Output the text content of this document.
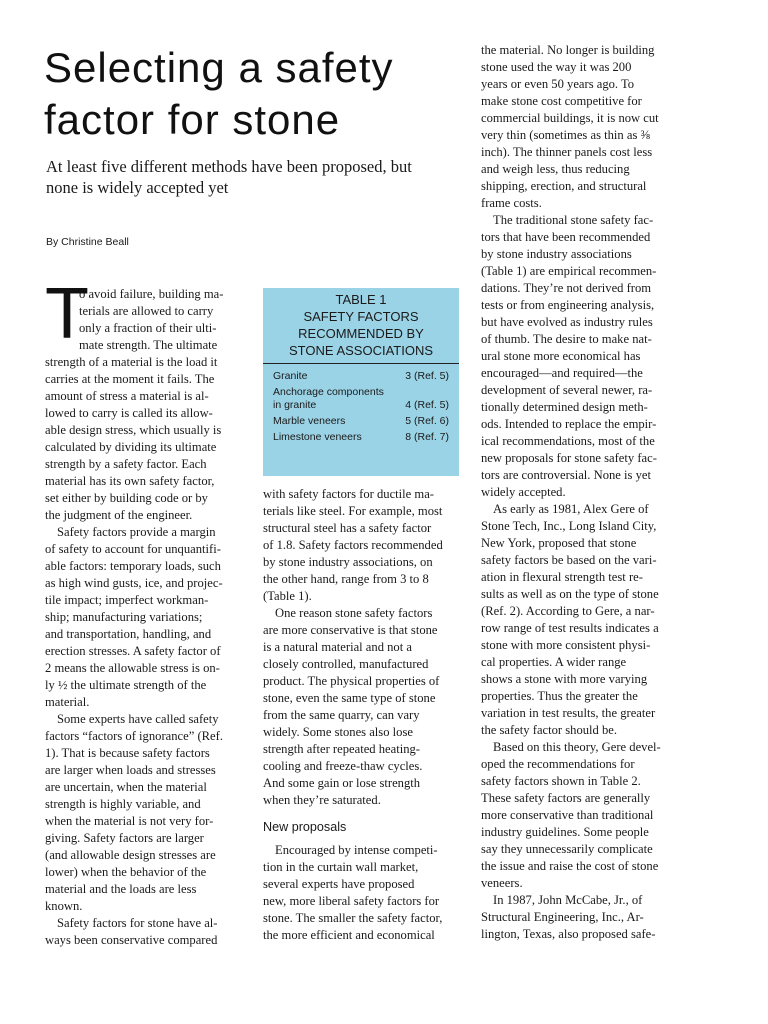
Selecting a safety
factor for stone
At least five different methods have been proposed, but
none is widely accepted yet
By Christine Beall
T
o avoid failure, building ma-
terials are allowed to carry
only a fraction of their ulti-
mate strength. The ultimate
strength of a material is the load it
carries at the moment it fails. The
amount of stress a material is al-
lowed to carry is called its allow-
able design stress, which usually is
calculated by dividing its ultimate
strength by a safety factor. Each
material has its own safety factor,
set either by building code or by
the judgment of the engineer.
Safety factors provide a margin
of safety to account for unquantifi-
able factors: temporary loads, such
as high wind gusts, ice, and projec-
tile impact; imperfect workman-
ship; manufacturing variations;
and transportation, handling, and
erection stresses. A safety factor of
2 means the allowable stress is on-
ly ½ the ultimate strength of the
material.
Some experts have called safety
factors “factors of ignorance” (Ref.
1). That is because safety factors
are larger when loads and stresses
are uncertain, when the material
strength is highly variable, and
when the material is not very for-
giving. Safety factors are larger
(and allowable design stresses are
lower) when the behavior of the
material and the loads are less
known.
Safety factors for stone have al-
ways been conservative compared
TABLE 1
SAFETY FACTORS
RECOMMENDED BY
STONE ASSOCIATIONS
Granite	3 (Ref. 5)
Anchorage components
in granite	4 (Ref. 5)
Marble veneers	5 (Ref. 6)
Limestone veneers	8 (Ref. 7)
with safety factors for ductile ma-
terials like steel. For example, most
structural steel has a safety factor
of 1.8. Safety factors recommended
by stone industry associations, on
the other hand, range from 3 to 8
(Table 1).
One reason stone safety factors
are more conservative is that stone
is a natural material and not a
closely controlled, manufactured
product. The physical properties of
stone, even the same type of stone
from the same quarry, can vary
widely. Some stones also lose
strength after repeated heating-
cooling and freeze-thaw cycles.
And some gain or lose strength
when they’re saturated.
New proposals
Encouraged by intense competi-
tion in the curtain wall market,
several experts have proposed
new, more liberal safety factors for
stone. The smaller the safety factor,
the more efficient and economical
the material. No longer is building
stone used the way it was 200
years or even 50 years ago. To
make stone cost competitive for
commercial buildings, it is now cut
very thin (sometimes as thin as ⅜
inch). The thinner panels cost less
and weigh less, thus reducing
shipping, erection, and structural
frame costs.
The traditional stone safety fac-
tors that have been recommended
by stone industry associations
(Table 1) are empirical recommen-
dations. They’re not derived from
tests or from engineering analysis,
but have evolved as industry rules
of thumb. The desire to make nat-
ural stone more economical has
encouraged—and required—the
development of several newer, ra-
tionally determined design meth-
ods. Intended to replace the empir-
ical recommendations, most of the
new proposals for stone safety fac-
tors are controversial. None is yet
widely accepted.
As early as 1981, Alex Gere of
Stone Tech, Inc., Long Island City,
New York, proposed that stone
safety factors be based on the vari-
ation in flexural strength test re-
sults as well as on the type of stone
(Ref. 2). According to Gere, a nar-
row range of test results indicates a
stone with more consistent physi-
cal properties. A wider range
shows a stone with more varying
properties. Thus the greater the
variation in test results, the greater
the safety factor should be.
Based on this theory, Gere devel-
oped the recommendations for
safety factors shown in Table 2.
These safety factors are generally
more conservative than traditional
industry guidelines. Some people
say they unnecessarily complicate
the issue and raise the cost of stone
veneers.
In 1987, John McCabe, Jr., of
Structural Engineering, Inc., Ar-
lington, Texas, also proposed safe-
